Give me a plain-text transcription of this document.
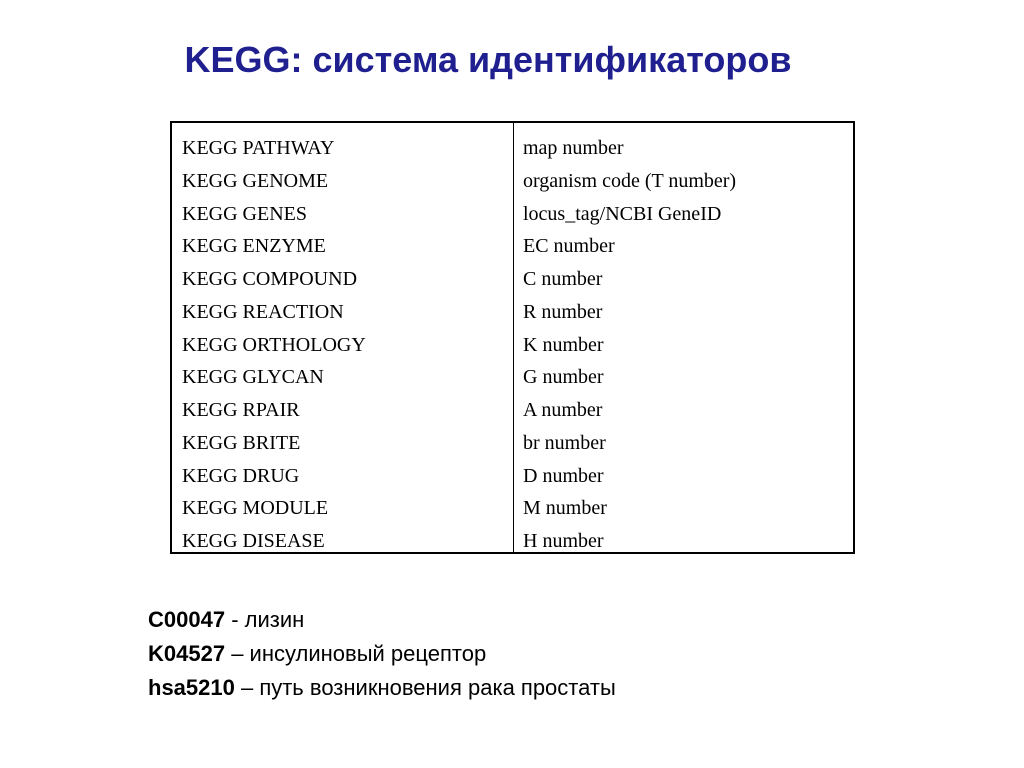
KEGG: система идентификаторов
KEGG PATHWAY
KEGG GENOME
KEGG GENES
KEGG ENZYME
KEGG COMPOUND
KEGG REACTION
KEGG ORTHOLOGY
KEGG GLYCAN
KEGG RPAIR
KEGG BRITE
KEGG DRUG
KEGG MODULE
KEGG DISEASE
map number
organism code (T number)
locus_tag/NCBI GeneID
EC number
C number
R number
K number
G number
A number
br number
D number
M number
H number
C00047 - лизин
K04527 – инсулиновый рецептор
hsa5210 – путь возникновения рака простаты
